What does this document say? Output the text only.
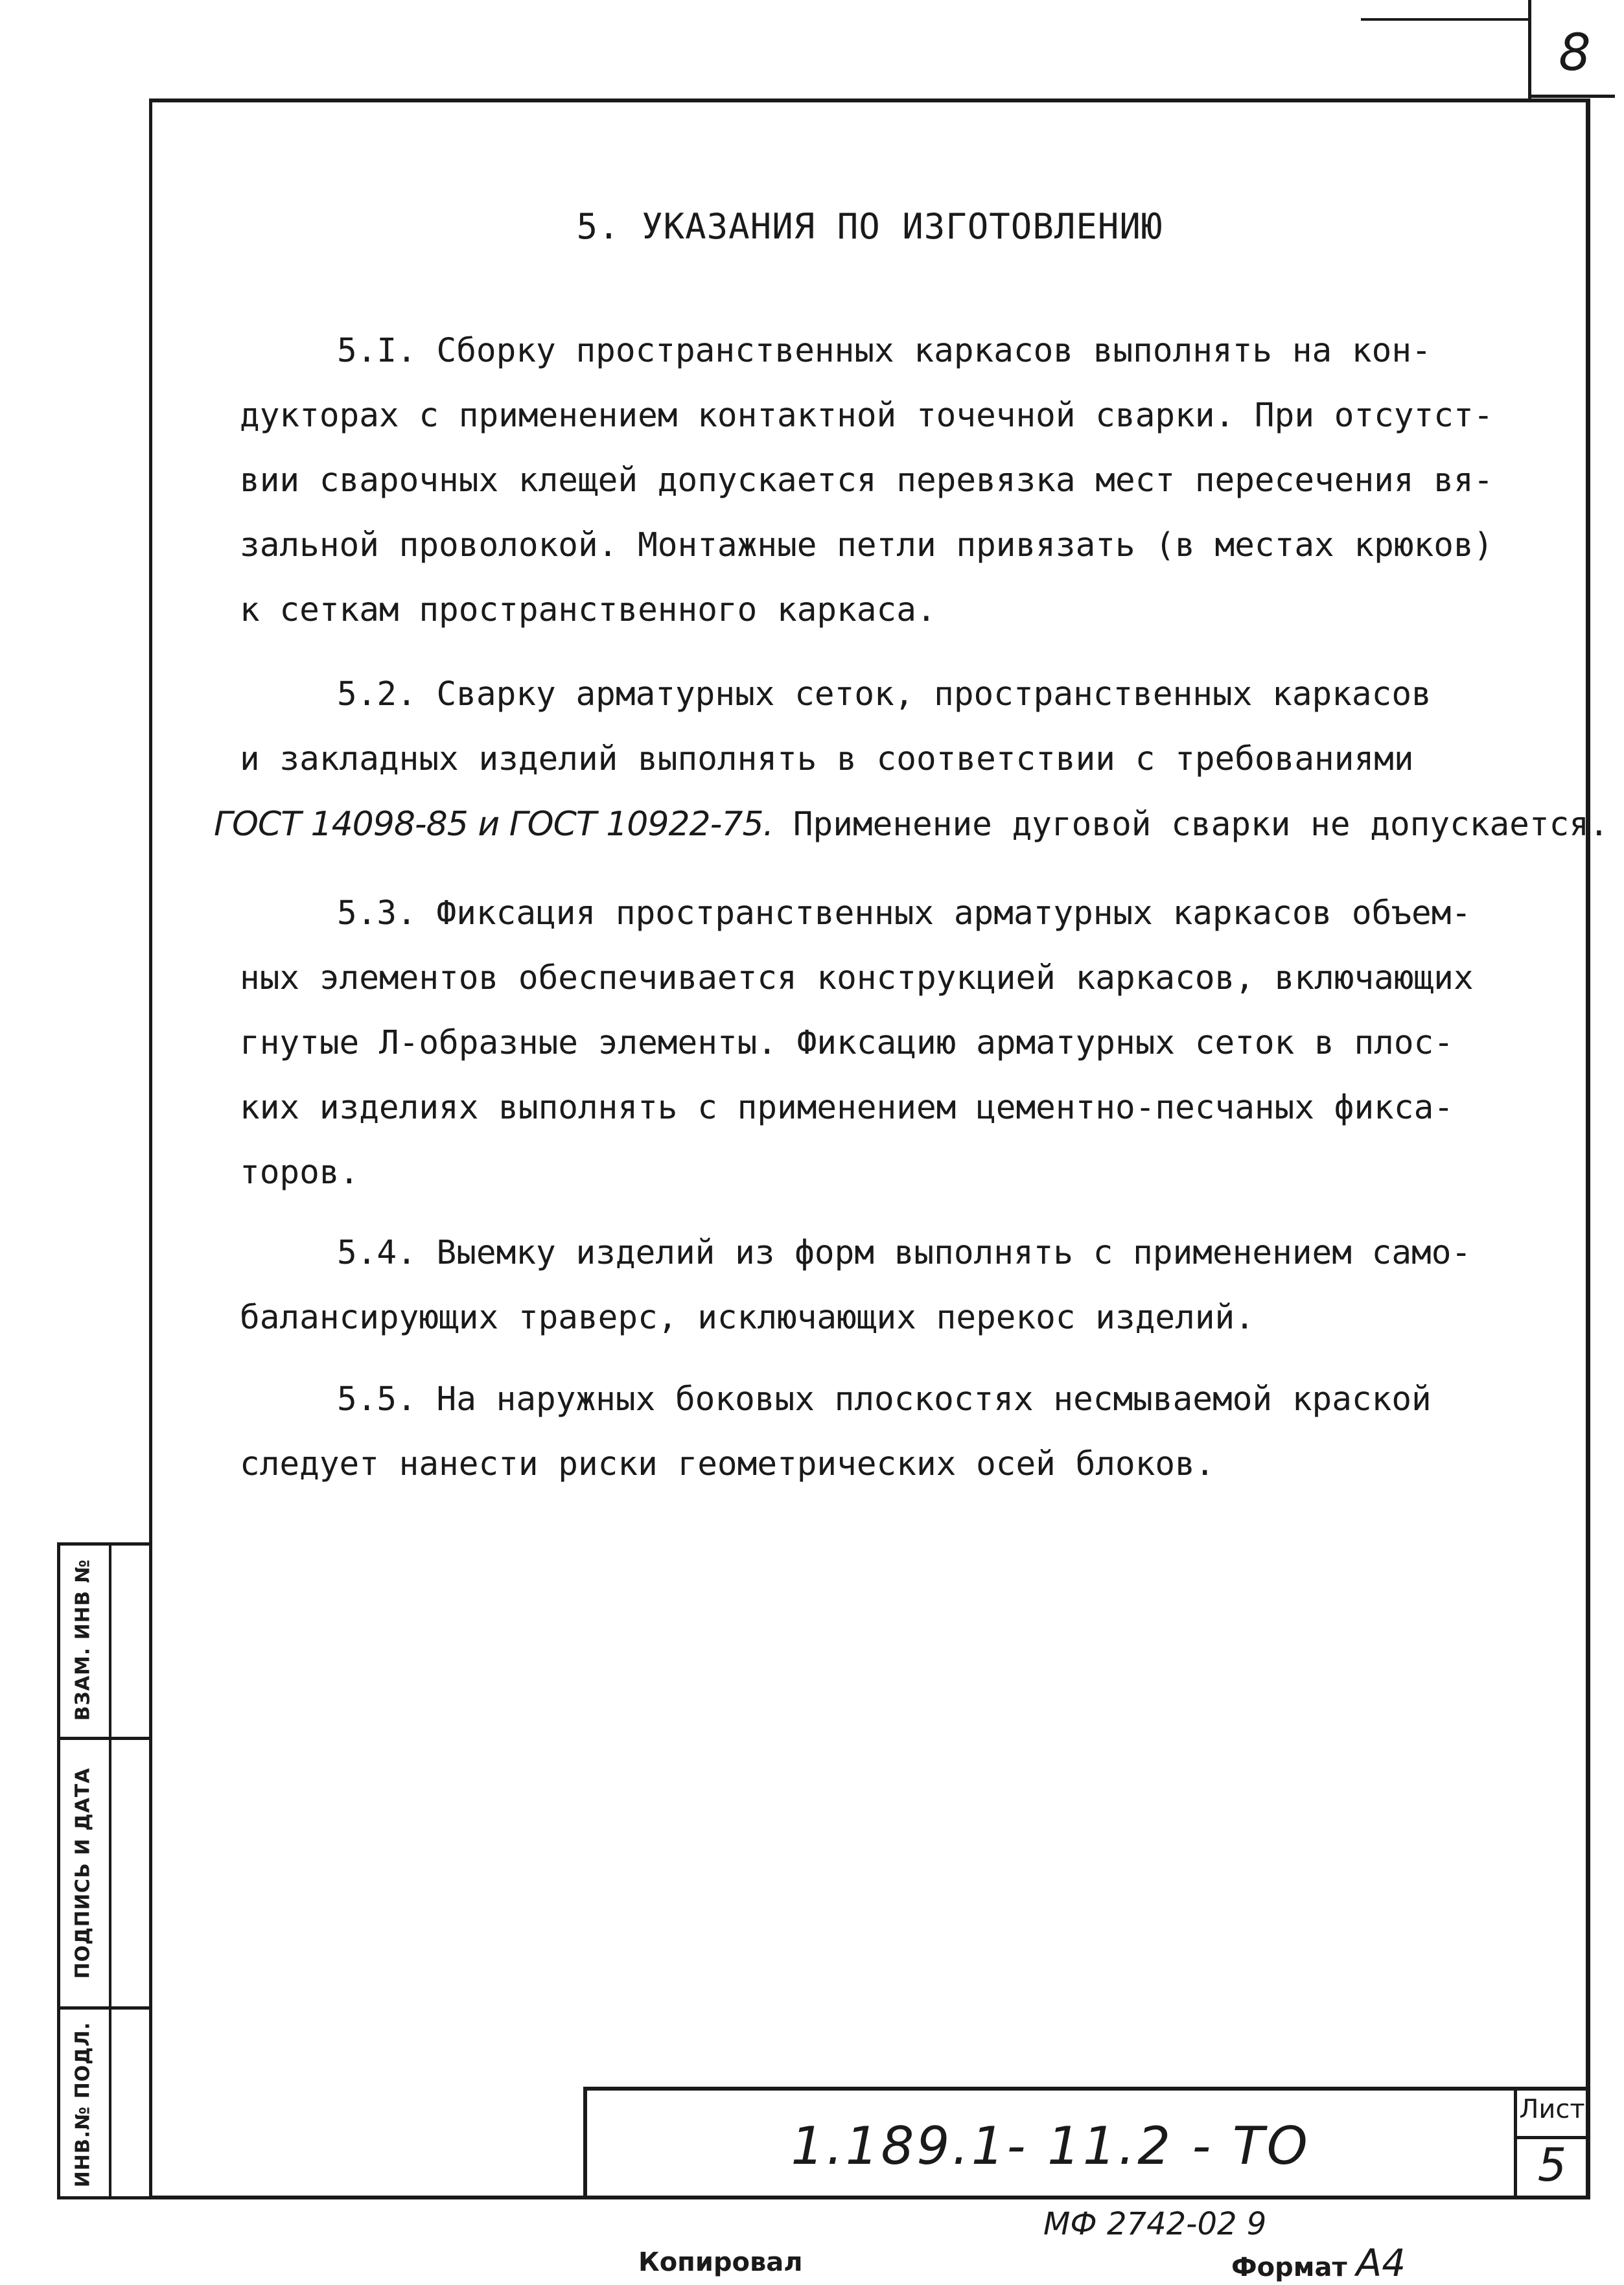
8
5. УКАЗАНИЯ ПО ИЗГОТОВЛЕНИЮ
5.I. Сборку пространственных каркасов выполнять на кон-
дукторах с применением контактной точечной сварки. При отсутст-
вии сварочных клещей допускается перевязка мест пересечения вя-
зальной проволокой. Монтажные петли привязать (в местах крюков)
к сеткам пространственного каркаса.
5.2. Сварку арматурных сеток, пространственных каркасов
и закладных изделий выполнять в соответствии с требованиями
ГОСТ 14098-85 и ГОСТ 10922-75. Применение дуговой сварки не допускается.
5.3. Фиксация пространственных арматурных каркасов объем-
ных элементов обеспечивается конструкцией каркасов, включающих
гнутые Л-образные элементы. Фиксацию арматурных сеток в плос-
ких изделиях выполнять с применением цементно-песчаных фикса-
торов.
5.4. Выемку изделий из форм выполнять с применением само-
балансирующих траверс, исключающих перекос изделий.
5.5. На наружных боковых плоскостях несмываемой краской
следует нанести риски геометрических осей блоков.
ВЗАМ. ИНВ №
ПОДПИСЬ И ДАТА
ИНВ.№ ПОДЛ.	1.189.1- 11.2 - ТО
Лист
5
МФ 2742-02 9
Копировал	Формат А4
